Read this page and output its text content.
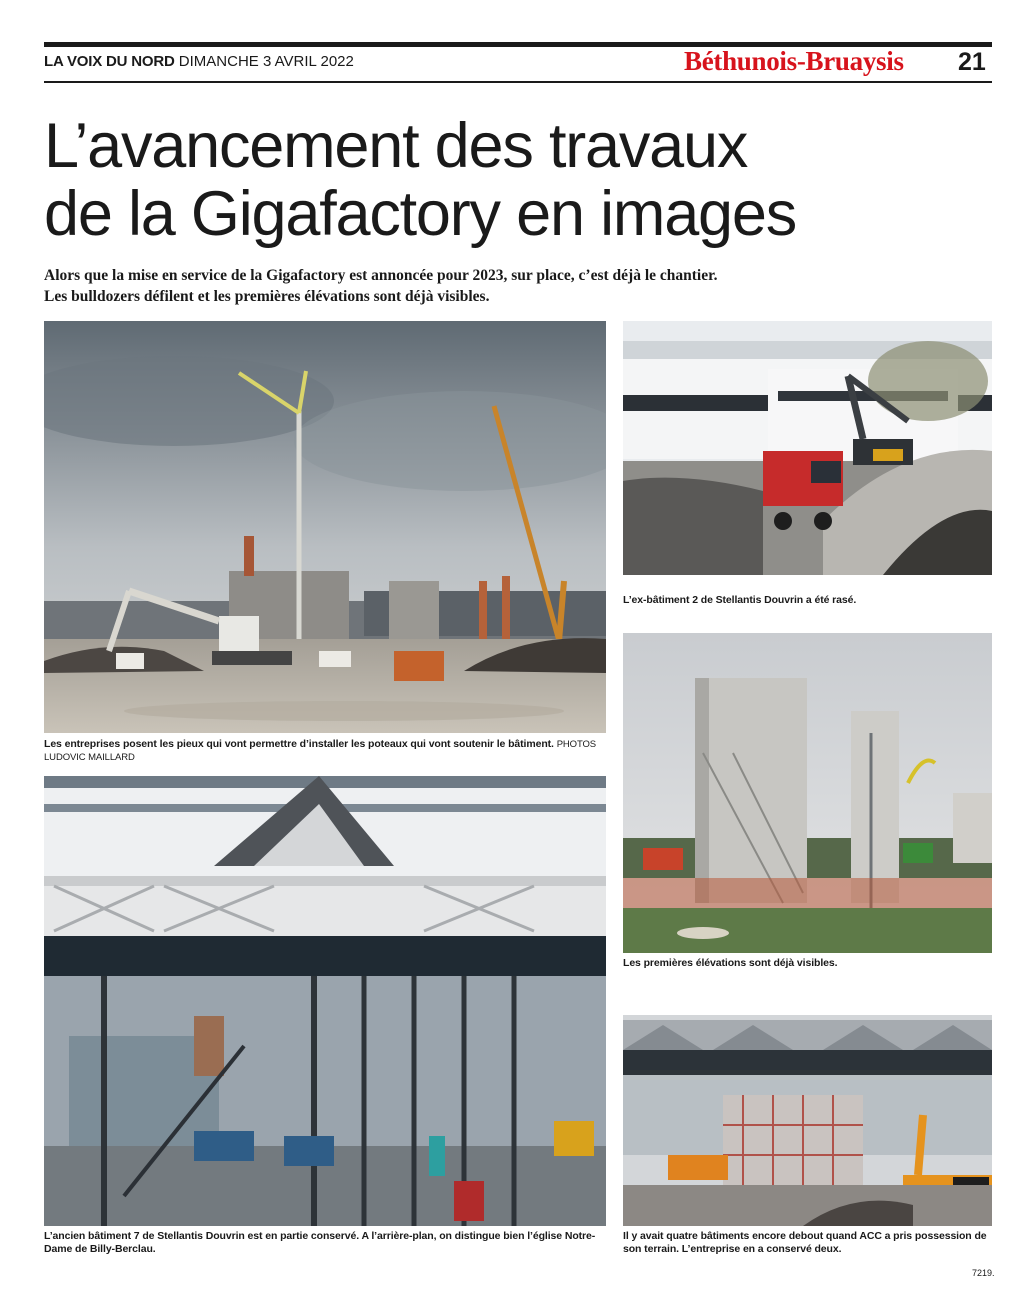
LA VOIX DU NORD DIMANCHE 3 AVRIL 2022	Béthunois-Bruaysis 21
L’avancement des travaux
de la Gigafactory en images

Alors que la mise en service de la Gigafactory est annoncée pour 2023, sur place, c’est déjà le chantier. Les bulldozers défilent et les premières élévations sont déjà visibles.

Les entreprises posent les pieux qui vont permettre d’installer les poteaux qui vont soutenir le bâtiment. PHOTOS LUDOVIC MAILLARD

L’ex-bâtiment 2 de Stellantis Douvrin a été rasé.

Les premières élévations sont déjà visibles.

L’ancien bâtiment 7 de Stellantis Douvrin est en partie conservé. A l’arrière-plan, on distingue bien l’église Notre-Dame de Billy-Berclau.

Il y avait quatre bâtiments encore debout quand ACC a pris possession de son terrain. L’entreprise en a conservé deux.

7219.
